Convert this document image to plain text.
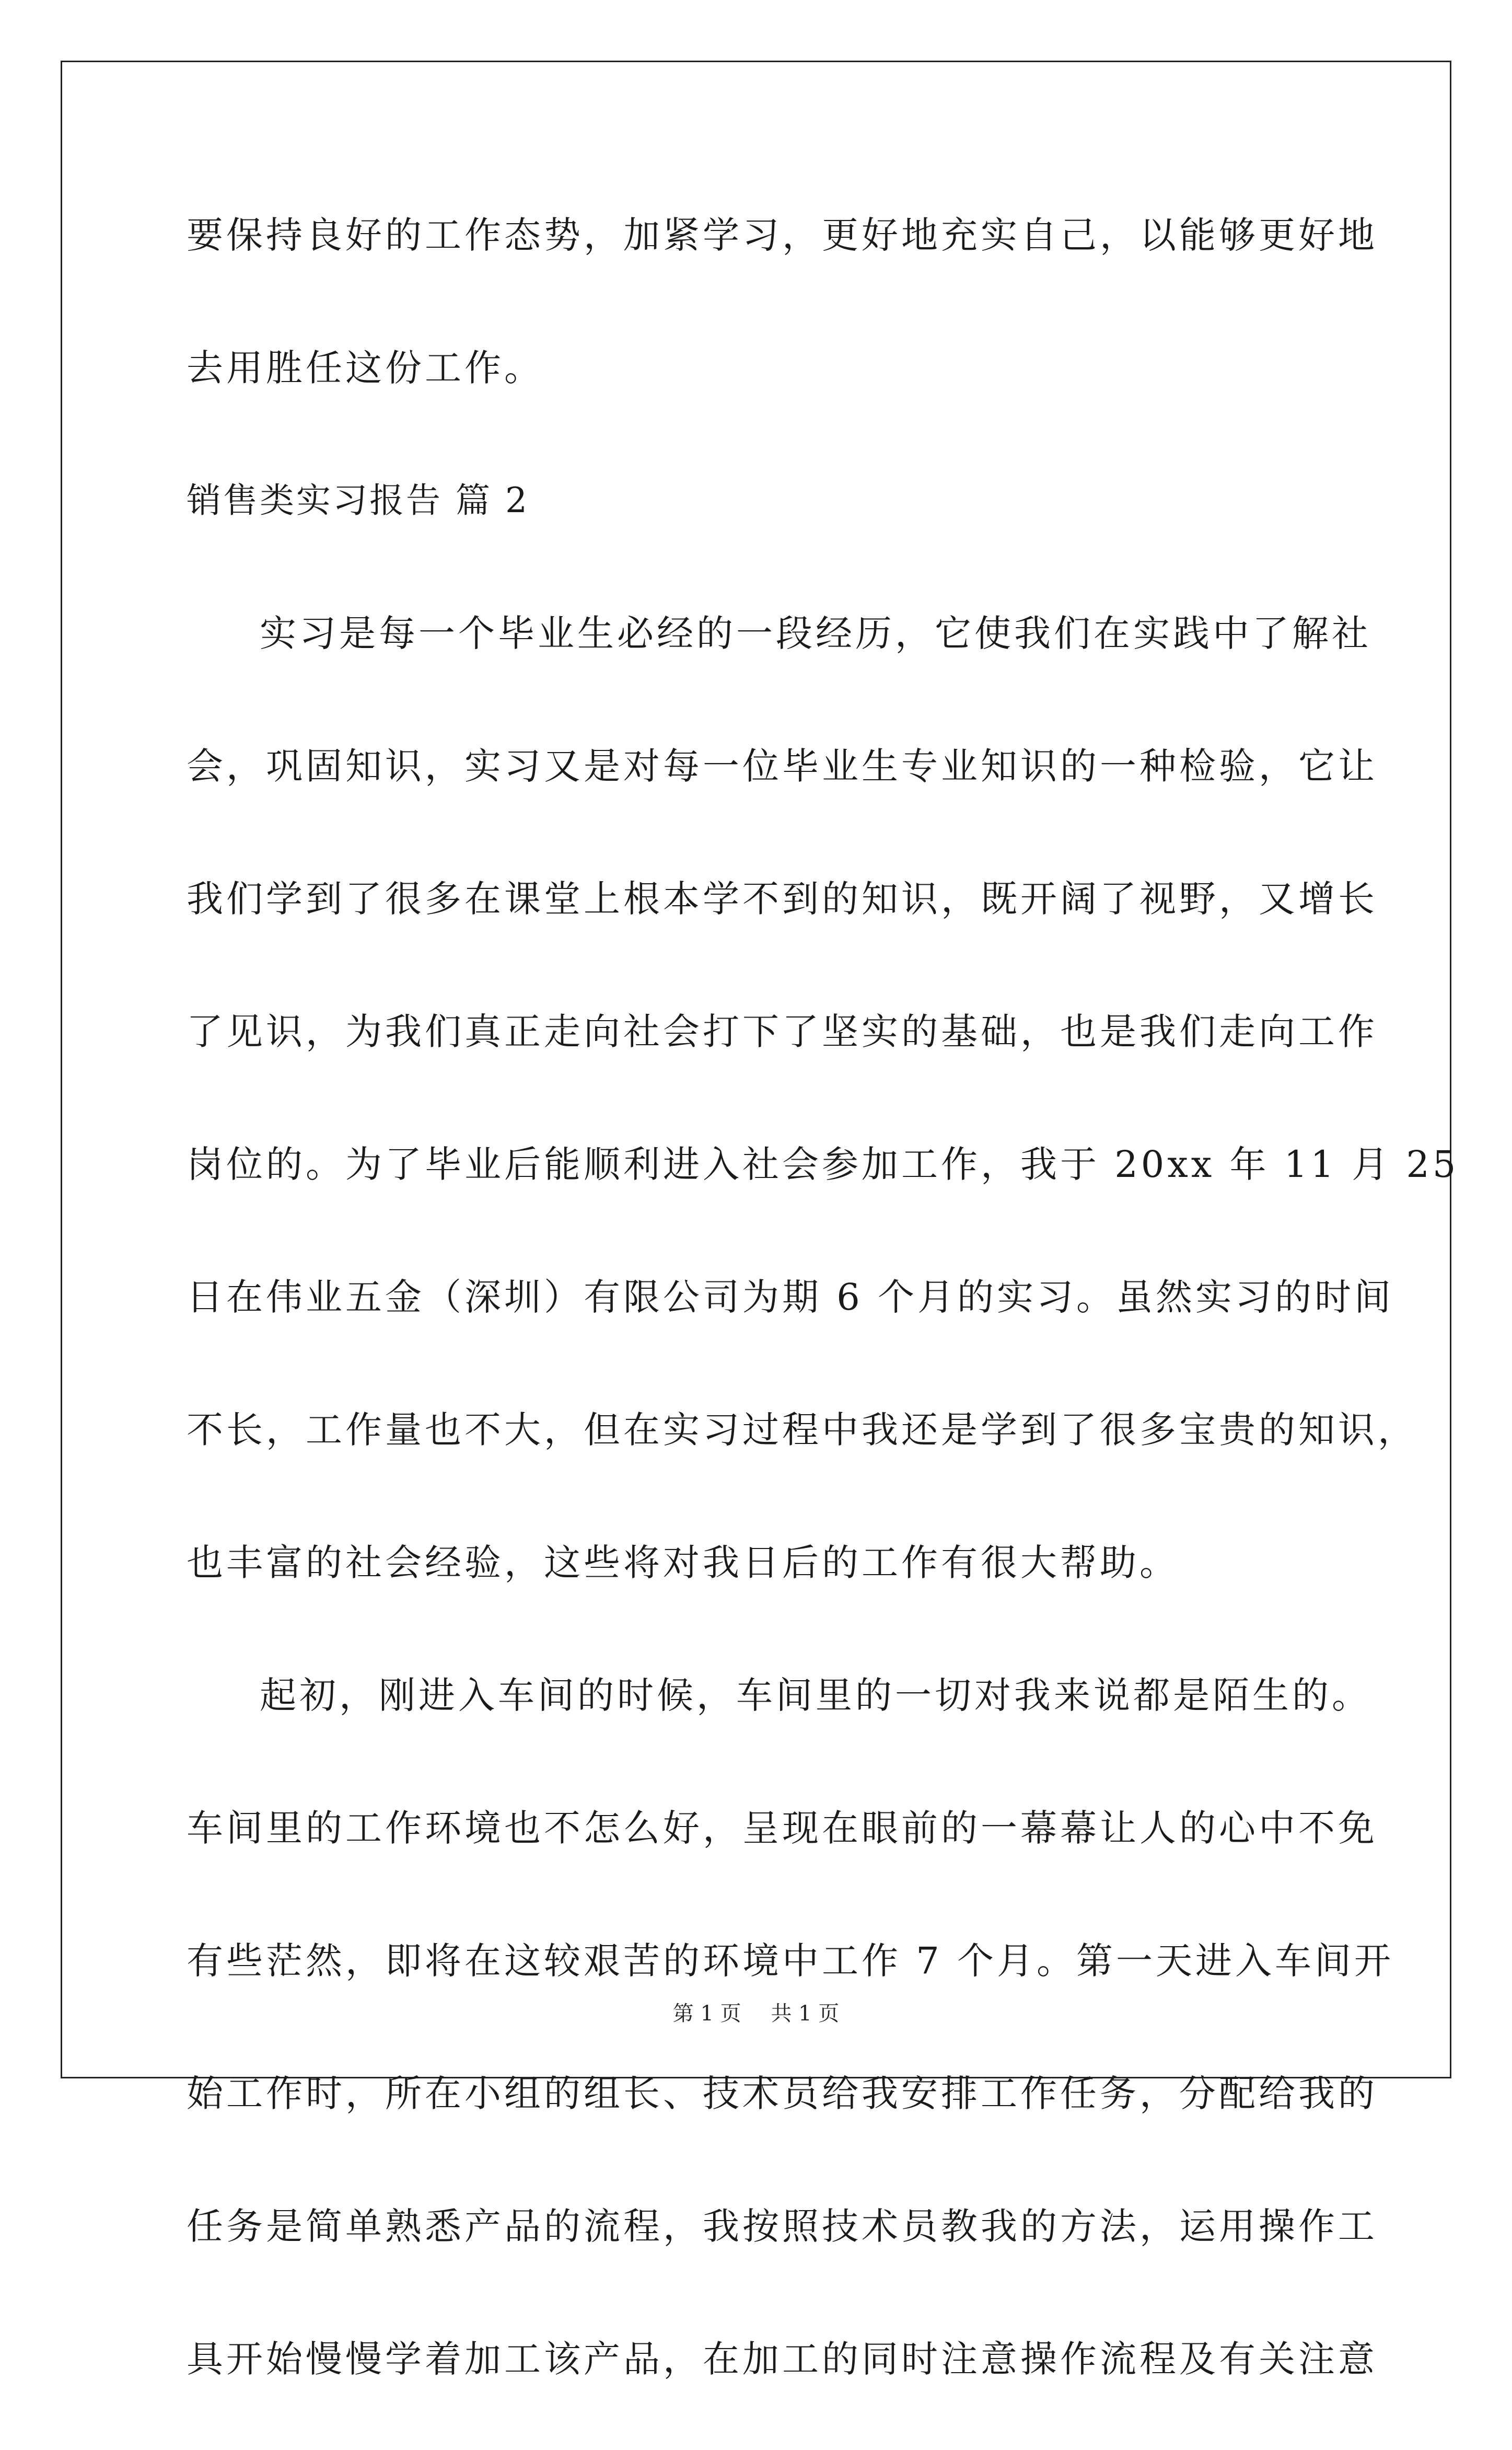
要保持良好的工作态势，加紧学习，更好地充实自己，以能够更好地
去用胜任这份工作。
销售类实习报告 篇 2
实习是每一个毕业生必经的一段经历，它使我们在实践中了解社
会，巩固知识，实习又是对每一位毕业生专业知识的一种检验，它让
我们学到了很多在课堂上根本学不到的知识，既开阔了视野，又增长
了见识，为我们真正走向社会打下了坚实的基础，也是我们走向工作
岗位的。为了毕业后能顺利进入社会参加工作，我于 20xx 年 11 月 25
日在伟业五金（深圳）有限公司为期 6 个月的实习。虽然实习的时间
不长，工作量也不大，但在实习过程中我还是学到了很多宝贵的知识，
也丰富的社会经验，这些将对我日后的工作有很大帮助。
起初，刚进入车间的时候，车间里的一切对我来说都是陌生的。
车间里的工作环境也不怎么好，呈现在眼前的一幕幕让人的心中不免
有些茫然，即将在这较艰苦的环境中工作 7 个月。第一天进入车间开
始工作时，所在小组的组长、技术员给我安排工作任务，分配给我的
任务是简单熟悉产品的流程，我按照技术员教我的方法，运用操作工
具开始慢慢学着加工该产品，在加工的同时注意操作流程及有关注意
第 1 页 共 1 页
